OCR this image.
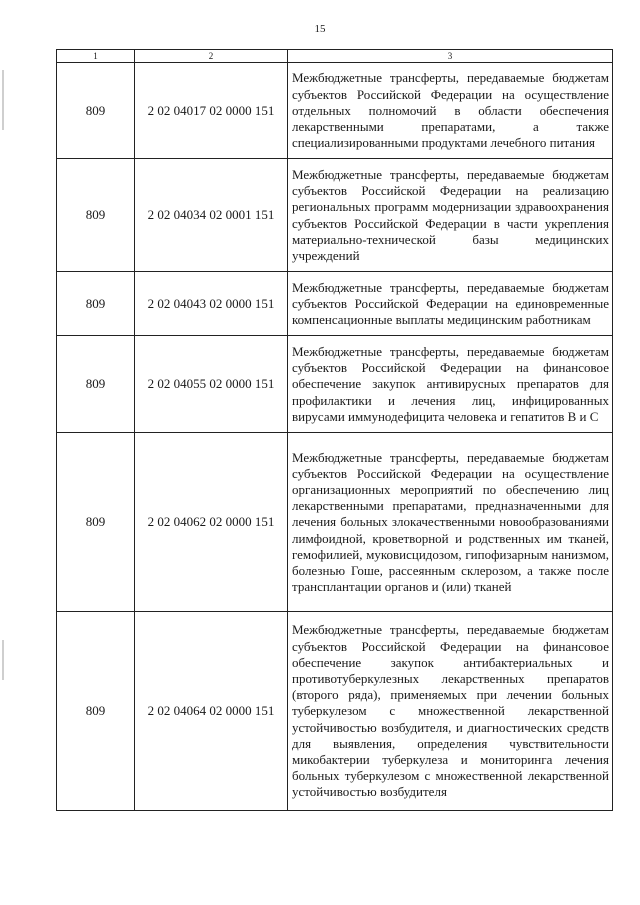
15
1	2	3
809	2 02 04017 02 0000 151	Межбюджетные трансферты, передаваемые бюджетам субъектов Российской Федерации на осуществление отдельных полномочий в области обеспечения лекарственными препаратами, а также специализированными продуктами лечебного питания
809	2 02 04034 02 0001 151	Межбюджетные трансферты, передаваемые бюджетам субъектов Российской Федерации на реализацию региональных программ модернизации здравоохранения субъектов Российской Федерации в части укрепления материально-технической базы медицинских учреждений
809	2 02 04043 02 0000 151	Межбюджетные трансферты, передаваемые бюджетам субъектов Российской Федерации на единовременные компенсационные выплаты медицинским работникам
809	2 02 04055 02 0000 151	Межбюджетные трансферты, передаваемые бюджетам субъектов Российской Федерации на финансовое обеспечение закупок антивирусных препаратов для профилактики и лечения лиц, инфицированных вирусами иммунодефицита человека и гепатитов В и С
809	2 02 04062 02 0000 151	Межбюджетные трансферты, передаваемые бюджетам субъектов Российской Федерации на осуществление организационных мероприятий по обеспечению лиц лекарственными препаратами, предназначенными для лечения больных злокачественными новообразованиями лимфоидной, кроветворной и родственных им тканей, гемофилией, муковисцидозом, гипофизарным нанизмом, болезнью Гоше, рассеянным склерозом, а также после трансплантации органов и (или) тканей
809	2 02 04064 02 0000 151	Межбюджетные трансферты, передаваемые бюджетам субъектов Российской Федерации на финансовое обеспечение закупок антибактериальных и противотуберкулезных лекарственных препаратов (второго ряда), применяемых при лечении больных туберкулезом с множественной лекарственной устойчивостью возбудителя, и диагностических средств для выявления, определения чувствительности микобактерии туберкулеза и мониторинга лечения больных туберкулезом с множественной лекарственной устойчивостью возбудителя
